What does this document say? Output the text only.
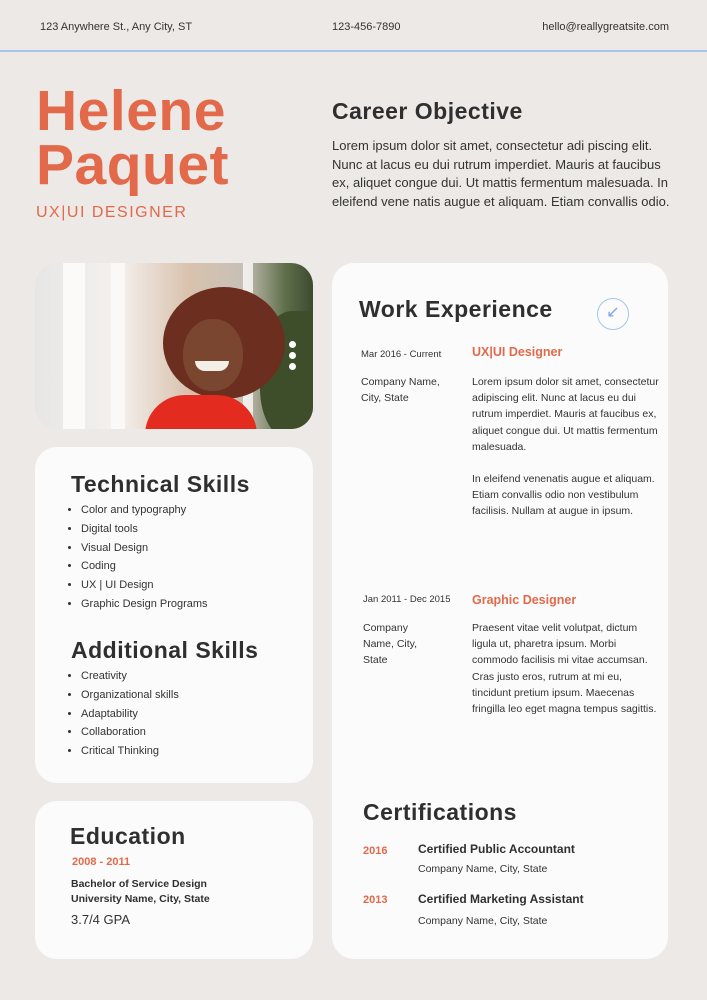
123 Anywhere St., Any City, ST	123-456-7890	hello@reallygreatsite.com
Helene
Paquet
UX|UI DESIGNER
Career Objective

Lorem ipsum dolor sit amet, consectetur adi piscing elit. Nunc at lacus eu dui rutrum imperdiet. Mauris at faucibus ex, aliquet congue dui. Ut mattis fermentum malesuada. In eleifend vene natis augue et aliquam. Etiam convallis odio.

Technical Skills
• Color and typography
• Digital tools
• Visual Design
• Coding
• UX | UI Design
• Graphic Design Programs
Additional Skills
• Creativity
• Organizational skills
• Adaptability
• Collaboration
• Critical Thinking
Education
2008 - 2011
Bachelor of Service Design
University Name, City, State
3.7/4 GPA
Work Experience	↙
Mar 2016 - Current UX|UI Designer
Company Name, City, State

Lorem ipsum dolor sit amet, consectetur adipiscing elit. Nunc at lacus eu dui rutrum imperdiet. Mauris at faucibus ex, aliquet congue dui. Ut mattis fermentum malesuada.

In eleifend venenatis augue et aliquam. Etiam convallis odio non vestibulum facilisis. Nullam at augue in ipsum.

Jan 2011 - Dec 2015 Graphic Designer
Company Name, City, State

Praesent vitae velit volutpat, dictum ligula ut, pharetra ipsum. Morbi commodo facilisis mi vitae accumsan. Cras justo eros, rutrum at mi eu, tincidunt pretium ipsum. Maecenas fringilla leo eget magna tempus sagittis.

Certifications
2016	Certified Public Accountant
Company Name, City, State
2013	Certified Marketing Assistant
Company Name, City, State
